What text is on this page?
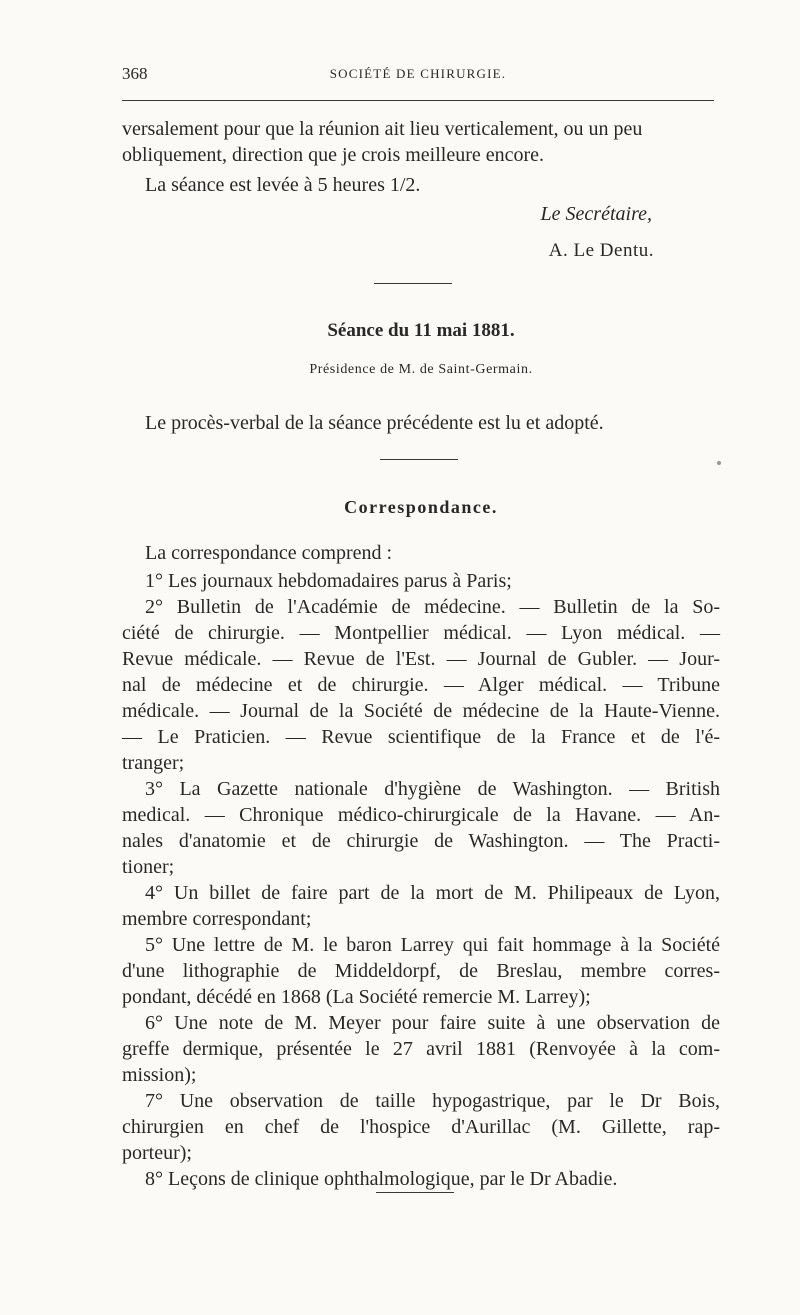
368	SOCIÉTÉ DE CHIRURGIE.

versalement pour que la réunion ait lieu verticalement, ou un peu

obliquement, direction que je crois meilleure encore.

La séance est levée à 5 heures 1/2.

Le Secrétaire,
A. Le Dentu.
Séance du 11 mai 1881.
Présidence de M. de Saint-Germain.

Le procès-verbal de la séance précédente est lu et adopté.

Correspondance.

La correspondance comprend :

1° Les journaux hebdomadaires parus à Paris;
2° Bulletin de l'Académie de médecine. — Bulletin de la So-
ciété de chirurgie. — Montpellier médical. — Lyon médical. —
Revue médicale. — Revue de l'Est. — Journal de Gubler. — Jour-
nal de médecine et de chirurgie. — Alger médical. — Tribune
médicale. — Journal de la Société de médecine de la Haute-Vienne.
— Le Praticien. — Revue scientifique de la France et de l'é-
tranger;
3° La Gazette nationale d'hygiène de Washington. — British
medical. — Chronique médico-chirurgicale de la Havane. — An-
nales d'anatomie et de chirurgie de Washington. — The Practi-
tioner;
4° Un billet de faire part de la mort de M. Philipeaux de Lyon,
membre correspondant;
5° Une lettre de M. le baron Larrey qui fait hommage à la Société
d'une lithographie de Middeldorpf, de Breslau, membre corres-
pondant, décédé en 1868 (La Société remercie M. Larrey);
6° Une note de M. Meyer pour faire suite à une observation de
greffe dermique, présentée le 27 avril 1881 (Renvoyée à la com-
mission);
7° Une observation de taille hypogastrique, par le Dr Bois,
chirurgien en chef de l'hospice d'Aurillac (M. Gillette, rap-
porteur);
8° Leçons de clinique ophthalmologique, par le Dr Abadie.
